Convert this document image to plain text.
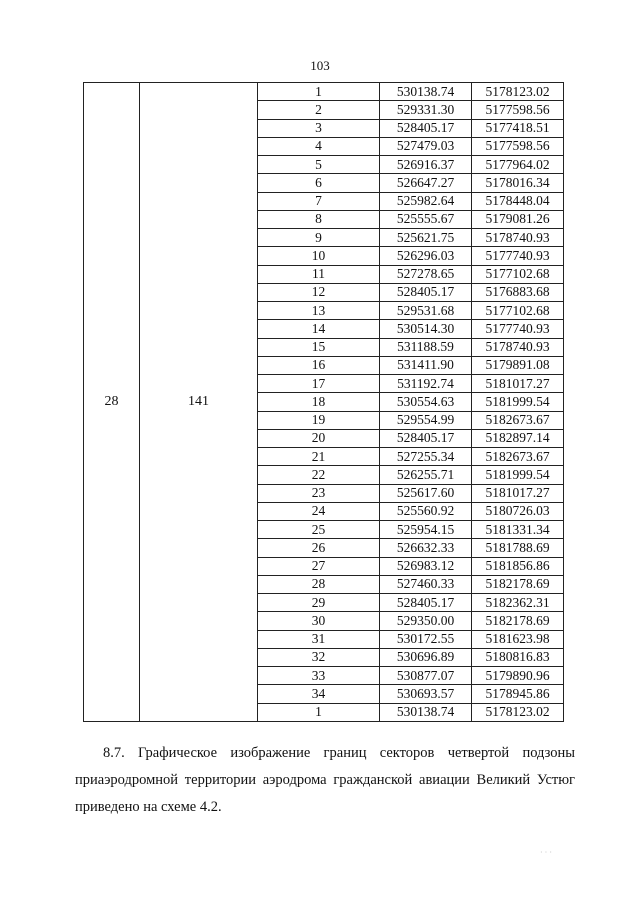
103
28	141	1	530138.74	5178123.02
		2	529331.30	5177598.56
		3	528405.17	5177418.51
		4	527479.03	5177598.56
		5	526916.37	5177964.02
		6	526647.27	5178016.34
		7	525982.64	5178448.04
		8	525555.67	5179081.26
		9	525621.75	5178740.93
		10	526296.03	5177740.93
		11	527278.65	5177102.68
		12	528405.17	5176883.68
		13	529531.68	5177102.68
		14	530514.30	5177740.93
		15	531188.59	5178740.93
		16	531411.90	5179891.08
		17	531192.74	5181017.27
		18	530554.63	5181999.54
		19	529554.99	5182673.67
		20	528405.17	5182897.14
		21	527255.34	5182673.67
		22	526255.71	5181999.54
		23	525617.60	5181017.27
		24	525560.92	5180726.03
		25	525954.15	5181331.34
		26	526632.33	5181788.69
		27	526983.12	5181856.86
		28	527460.33	5182178.69
		29	528405.17	5182362.31
		30	529350.00	5182178.69
		31	530172.55	5181623.98
		32	530696.89	5180816.83
		33	530877.07	5179890.96
		34	530693.57	5178945.86
		1	530138.74	5178123.02
8.7. Графическое изображение границ секторов четвертой подзоны
приаэродромной территории аэродрома гражданской авиации Великий Устюг
приведено на схеме 4.2.
· · ·
